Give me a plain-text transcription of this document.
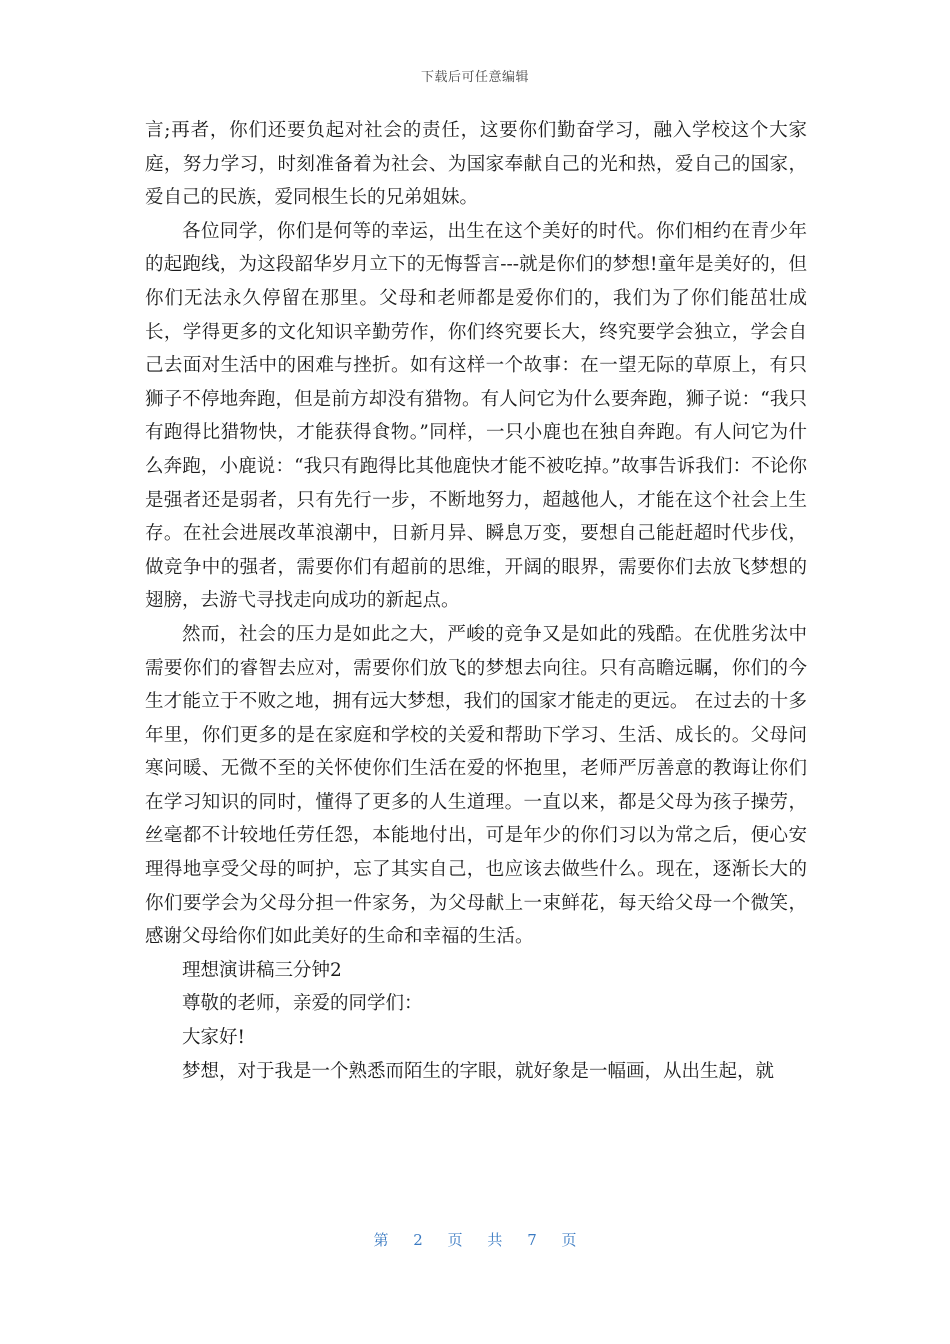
下载后可任意编辑

言;再者，你们还要负起对社会的责任，这要你们勤奋学习，融入学校这个大家庭，努力学习，时刻准备着为社会、为国家奉献自己的光和热，爱自己的国家，爱自己的民族，爱同根生长的兄弟姐妹。

各位同学，你们是何等的幸运，出生在这个美好的时代。你们相约在青少年的起跑线，为这段韶华岁月立下的无悔誓言---就是你们的梦想!童年是美好的，但你们无法永久停留在那里。父母和老师都是爱你们的，我们为了你们能茁壮成长，学得更多的文化知识辛勤劳作，你们终究要长大，终究要学会独立，学会自己去面对生活中的困难与挫折。如有这样一个故事：在一望无际的草原上，有只狮子不停地奔跑，但是前方却没有猎物。有人问它为什么要奔跑，狮子说：“我只有跑得比猎物快，才能获得食物。”同样，一只小鹿也在独自奔跑。有人问它为什么奔跑，小鹿说：“我只有跑得比其他鹿快才能不被吃掉。”故事告诉我们：不论你是强者还是弱者，只有先行一步，不断地努力，超越他人，才能在这个社会上生存。在社会进展改革浪潮中，日新月异、瞬息万变，要想自己能赶超时代步伐，做竞争中的强者，需要你们有超前的思维，开阔的眼界，需要你们去放飞梦想的翅膀，去游弋寻找走向成功的新起点。

然而，社会的压力是如此之大，严峻的竞争又是如此的残酷。在优胜劣汰中需要你们的睿智去应对，需要你们放飞的梦想去向往。只有高瞻远瞩，你们的今生才能立于不败之地，拥有远大梦想，我们的国家才能走的更远。 在过去的十多年里，你们更多的是在家庭和学校的关爱和帮助下学习、生活、成长的。父母问寒问暖、无微不至的关怀使你们生活在爱的怀抱里，老师严厉善意的教诲让你们在学习知识的同时，懂得了更多的人生道理。一直以来，都是父母为孩子操劳，丝毫都不计较地任劳任怨，本能地付出，可是年少的你们习以为常之后，便心安理得地享受父母的呵护，忘了其实自己，也应该去做些什么。现在，逐渐长大的你们要学会为父母分担一件家务，为父母献上一束鲜花，每天给父母一个微笑，感谢父母给你们如此美好的生命和幸福的生活。

理想演讲稿三分钟2

尊敬的老师，亲爱的同学们：

大家好!

梦想，对于我是一个熟悉而陌生的字眼，就好象是一幅画，从出生起，就

第 2 页 共 7 页
